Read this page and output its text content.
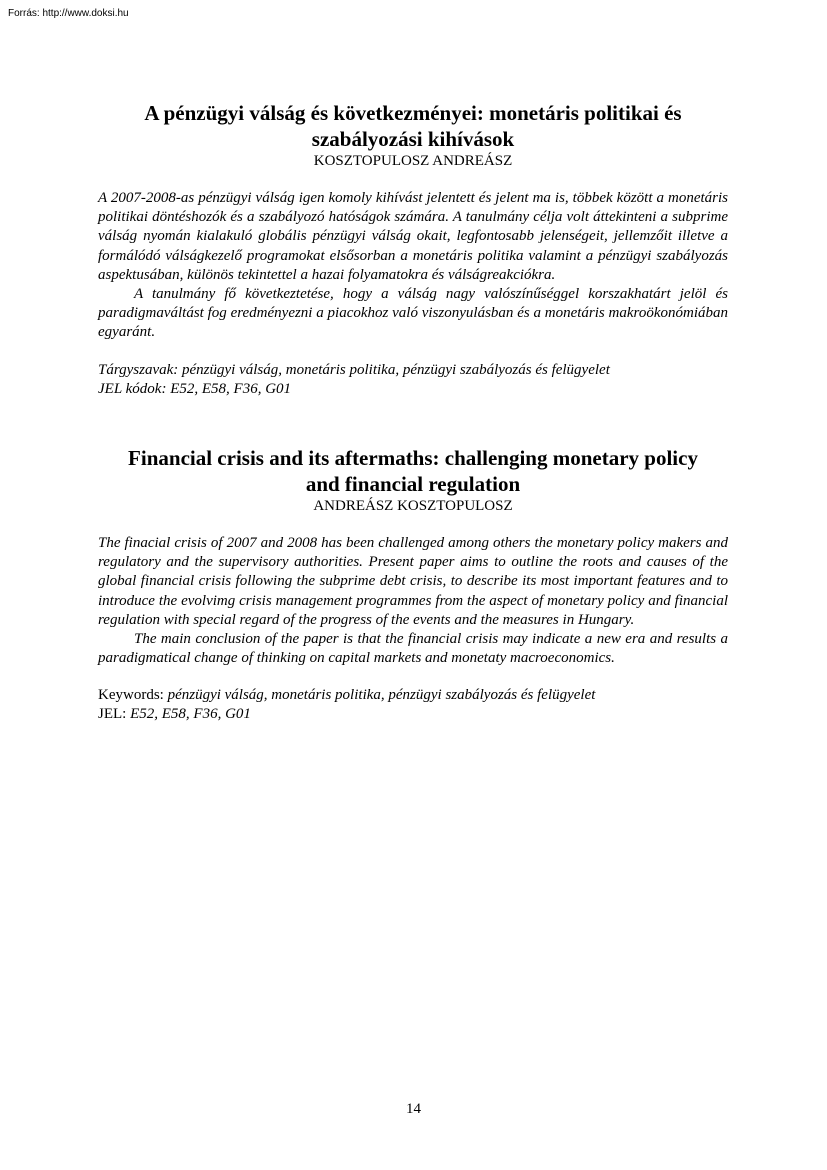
Forrás: http://www.doksi.hu
A pénzügyi válság és következményei: monetáris politikai és
szabályozási kihívások

KOSZTOPULOSZ ANDREÁSZ

A 2007-2008-as pénzügyi válság igen komoly kihívást jelentett és jelent ma is, többek között a monetáris politikai döntéshozók és a szabályozó hatóságok számára. A tanulmány célja volt áttekinteni a subprime válság nyomán kialakuló globális pénzügyi válság okait, legfontosabb jelenségeit, jellemzőit illetve a formálódó válságkezelő programokat elsősorban a monetáris politika valamint a pénzügyi szabályozás aspektusában, különös tekintettel a hazai folyamatokra és válságreakciókra.

A tanulmány fő következtetése, hogy a válság nagy valószínűséggel korszakhatárt jelöl és paradigmaváltást fog eredményezni a piacokhoz való viszonyulásban és a monetáris makroökonómiában egyaránt.

Tárgyszavak: pénzügyi válság, monetáris politika, pénzügyi szabályozás és felügyelet
JEL kódok: E52, E58, F36, G01
Financial crisis and its aftermaths: challenging monetary policy
and financial regulation

ANDREÁSZ KOSZTOPULOSZ

The finacial crisis of 2007 and 2008 has been challenged among others the monetary policy makers and regulatory and the supervisory authorities. Present paper aims to outline the roots and causes of the global financial crisis following the subprime debt crisis, to describe its most important features and to introduce the evolvimg crisis management programmes from the aspect of monetary policy and financial regulation with special regard of the progress of the events and the measures in Hungary.

The main conclusion of the paper is that the financial crisis may indicate a new era and results a paradigmatical change of thinking on capital markets and monetaty macroeconomics.

Keywords: pénzügyi válság, monetáris politika, pénzügyi szabályozás és felügyelet
JEL: E52, E58, F36, G01
14
